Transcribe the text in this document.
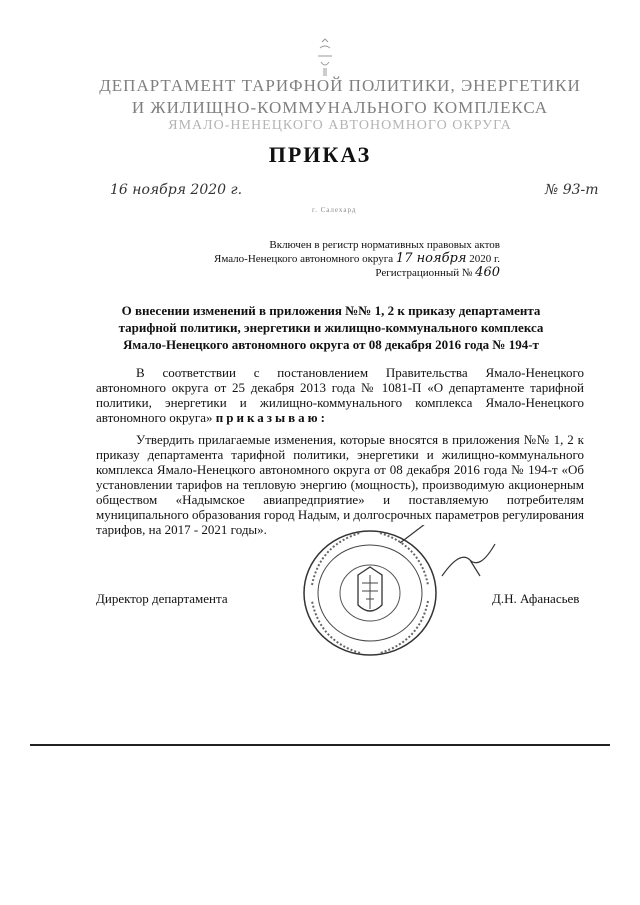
ДЕПАРТАМЕНТ ТАРИФНОЙ ПОЛИТИКИ, ЭНЕРГЕТИКИ
И ЖИЛИЩНО-КОММУНАЛЬНОГО КОМПЛЕКСА
ЯМАЛО-НЕНЕЦКОГО АВТОНОМНОГО ОКРУГА
ПРИКАЗ
16 ноября 2020 г.	№ 93-т
г. Салехард
Включен в регистр нормативных правовых актов
Ямало-Ненецкого автономного округа 17 ноября 2020 г.
Регистрационный № 460
О внесении изменений в приложения №№ 1, 2 к приказу департамента тарифной политики, энергетики и жилищно-коммунального комплекса Ямало-Ненецкого автономного округа от 08 декабря 2016 года № 194-т
В соответствии с постановлением Правительства Ямало-Ненецкого автономного округа от 25 декабря 2013 года № 1081-П «О департаменте тарифной политики, энергетики и жилищно-коммунального комплекса Ямало-Ненецкого автономного округа» приказываю:
Утвердить прилагаемые изменения, которые вносятся в приложения №№ 1, 2 к приказу департамента тарифной политики, энергетики и жилищно-коммунального комплекса Ямало-Ненецкого автономного округа от 08 декабря 2016 года № 194-т «Об установлении тарифов на тепловую энергию (мощность), производимую акционерным обществом «Надымское авиапредприятие» и поставляемую потребителям муниципального образования город Надым, и долгосрочных параметров регулирования тарифов, на 2017 - 2021 годы».
Директор департамента	Д.Н. Афанасьев
